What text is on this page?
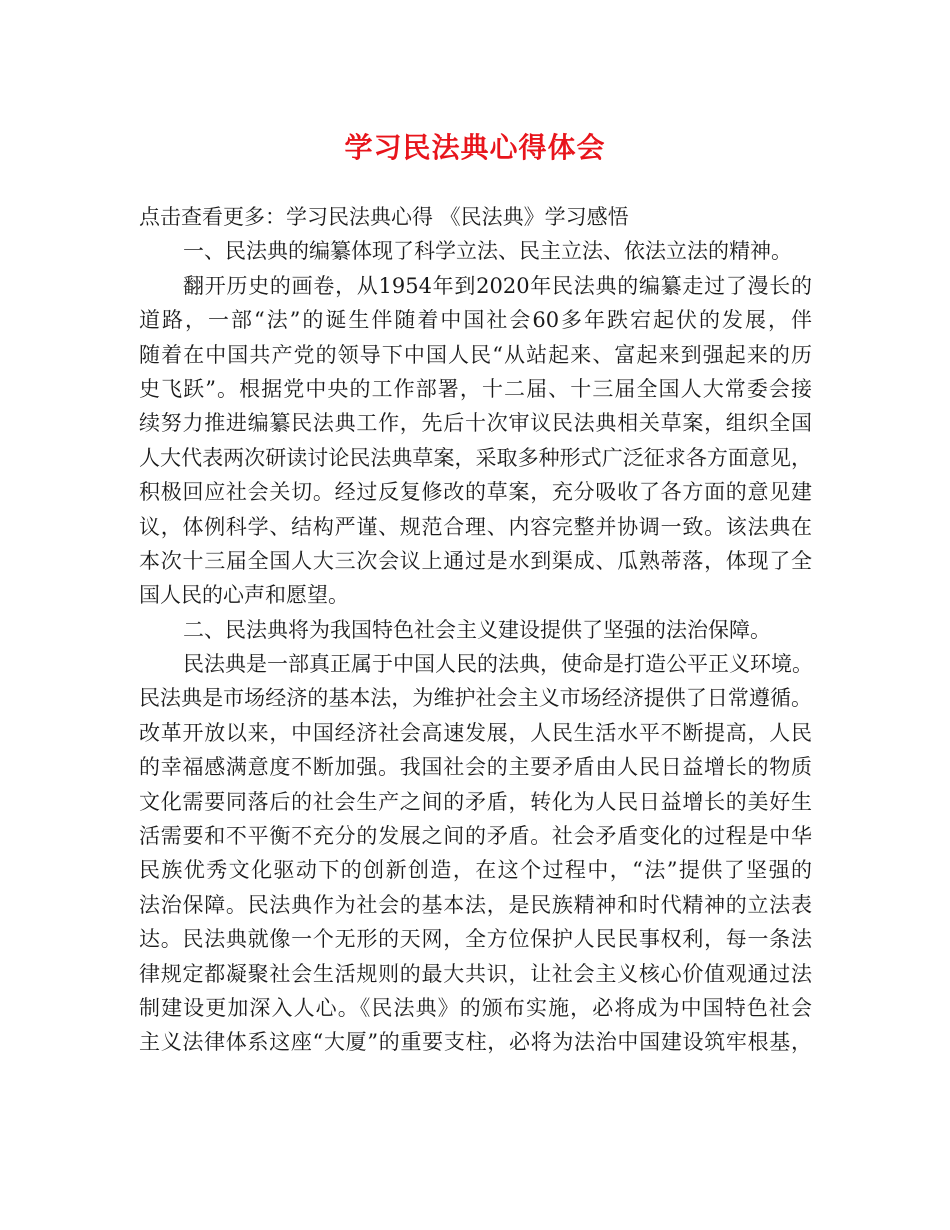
学习民法典心得体会
点击查看更多：学习民法典心得 《民法典》学习感悟
一、民法典的编纂体现了科学立法、民主立法、依法立法的精神。
翻开历史的画卷，从1954年到2020年民法典的编纂走过了漫长的
道路，一部“法”的诞生伴随着中国社会60多年跌宕起伏的发展，伴
随着在中国共产党的领导下中国人民“从站起来、富起来到强起来的历
史飞跃”。根据党中央的工作部署，十二届、十三届全国人大常委会接
续努力推进编纂民法典工作，先后十次审议民法典相关草案，组织全国
人大代表两次研读讨论民法典草案，采取多种形式广泛征求各方面意见，
积极回应社会关切。经过反复修改的草案，充分吸收了各方面的意见建
议，体例科学、结构严谨、规范合理、内容完整并协调一致。该法典在
本次十三届全国人大三次会议上通过是水到渠成、瓜熟蒂落，体现了全
国人民的心声和愿望。
二、民法典将为我国特色社会主义建设提供了坚强的法治保障。
民法典是一部真正属于中国人民的法典，使命是打造公平正义环境。
民法典是市场经济的基本法，为维护社会主义市场经济提供了日常遵循。
改革开放以来，中国经济社会高速发展，人民生活水平不断提高，人民
的幸福感满意度不断加强。我国社会的主要矛盾由人民日益增长的物质
文化需要同落后的社会生产之间的矛盾，转化为人民日益增长的美好生
活需要和不平衡不充分的发展之间的矛盾。社会矛盾变化的过程是中华
民族优秀文化驱动下的创新创造，在这个过程中，“法”提供了坚强的
法治保障。民法典作为社会的基本法，是民族精神和时代精神的立法表
达。民法典就像一个无形的天网，全方位保护人民民事权利，每一条法
律规定都凝聚社会生活规则的最大共识，让社会主义核心价值观通过法
制建设更加深入人心。《民法典》的颁布实施，必将成为中国特色社会
主义法律体系这座“大厦”的重要支柱，必将为法治中国建设筑牢根基，
